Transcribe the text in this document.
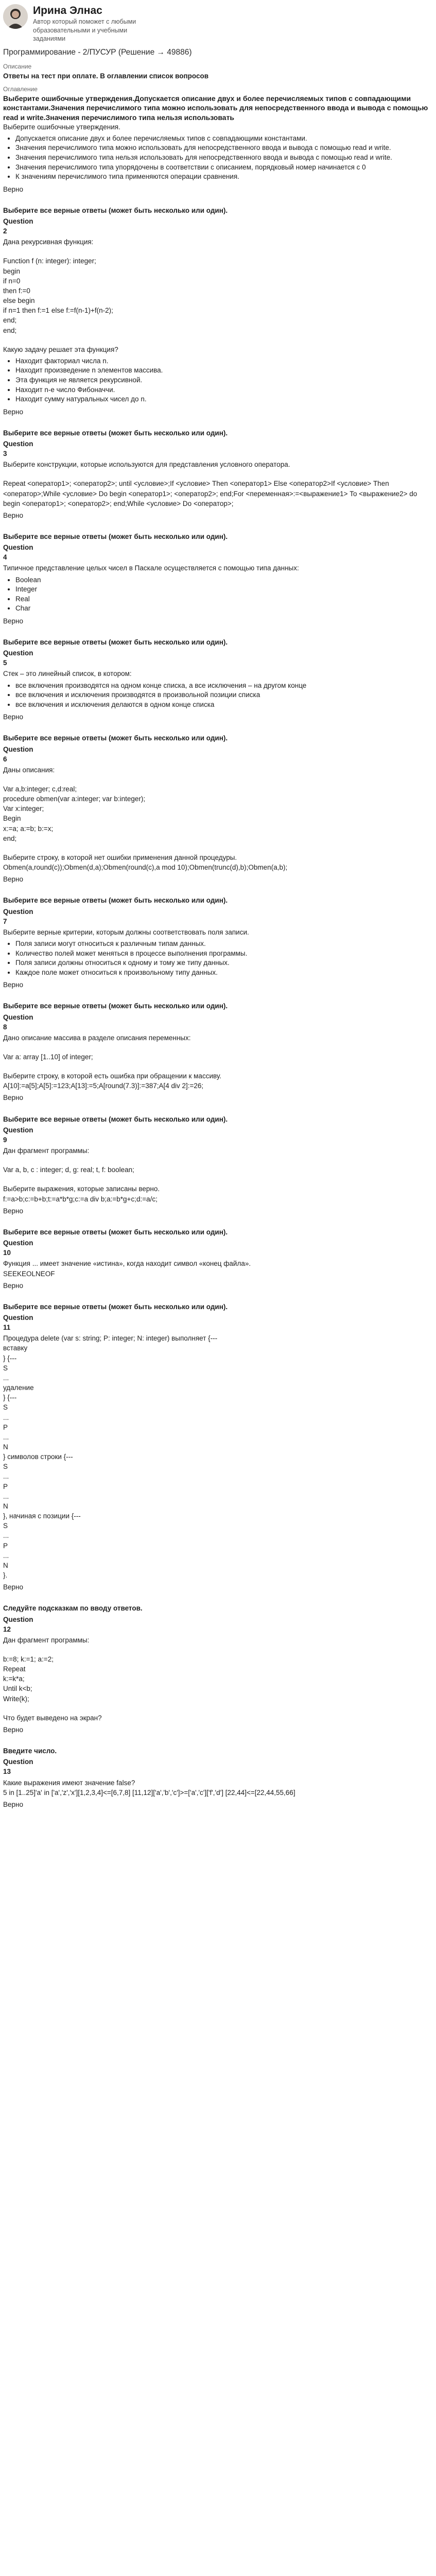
Ирина Элнас
Автор который поможет с любыми образовательными и учебными заданиями
Программирование - 2/ПУСУР (Решение → 49886)
Описание
Ответы на тест при оплате. В оглавлении список вопросов
Оглавление

Выберите ошибочные утверждения.Допускается описание двух и более перечисляемых типов с совпадающими константами.Значения перечислимого типа можно использовать для непосредственного ввода и вывода с помощью read и write.Значения перечислимого типа нельзя использовать

Выберите ошибочные утверждения.

• Допускается описание двух и более перечисляемых типов с совпадающими константами.
• Значения перечислимого типа можно использовать для непосредственного ввода и вывода с помощью read и write.
• Значения перечислимого типа нельзя использовать для непосредственного ввода и вывода с помощью read и write.
• Значения перечислимого типа упорядочены в соответствии с описанием, порядковый номер начинается с 0
• К значениям перечислимого типа применяются операции сравнения.

Верно

Выберите все верные ответы (может быть несколько или один).

Question

2

Дана рекурсивная функция:

Function f (n: integer): integer;

begin

if n=0

then f:=0

else begin

if n=1 then f:=1 else f:=f(n-1)+f(n-2);

end;

end;

Какую задачу решает эта функция?

• Находит факториал числа n.
• Находит произведение n элементов массива.
• Эта функция не является рекурсивной.
• Находит n-е число Фибоначчи.
• Находит сумму натуральных чисел до n.

Верно

Выберите все верные ответы (может быть несколько или один).

Question

3

Выберите конструкции, которые используются для представления условного оператора.

Repeat <оператор1>; <оператор2>; until <условие>;If <условие> Then <оператор1> Else <оператор2>If <условие> Then <оператор>;While <условие> Do begin <оператор1>; <оператор2>; end;For <переменная>:=<выражение1> To <выражение2> do begin <оператор1>; <оператор2>; end;While <условие> Do <оператор>;

Верно

Выберите все верные ответы (может быть несколько или один).

Question

4

Типичное представление целых чисел в Паскале осуществляется с помощью типа данных:

• Boolean
• Integer
• Real
• Char

Верно

Выберите все верные ответы (может быть несколько или один).

Question

5

Стек – это линейный список, в котором:

• все включения производятся на одном конце списка, а все исключения – на другом конце
• все включения и исключения производятся в произвольной позиции списка
• все включения и исключения делаются в одном конце списка

Верно

Выберите все верные ответы (может быть несколько или один).

Question

6

Даны описания:

Var a,b:integer; c,d:real;

procedure obmen(var a:integer; var b:integer);

Var x:integer;

Begin

x:=a; a:=b; b:=x;

end;

Выберите строку, в которой нет ошибки применения данной процедуры.

Obmen(a,round(c));Obmen(d,a);Obmen(round(c),a mod 10);Obmen(trunc(d),b);Obmen(a,b);

Верно

Выберите все верные ответы (может быть несколько или один).

Question

7

Выберите верные критерии, которым должны соответствовать поля записи.

• Поля записи могут относиться к различным типам данных.
• Количество полей может меняться в процессе выполнения программы.
• Поля записи должны относиться к одному и тому же типу данных.
• Каждое поле может относиться к произвольному типу данных.

Верно

Выберите все верные ответы (может быть несколько или один).

Question

8

Дано описание массива в разделе описания переменных:

Var a: array [1..10] of integer;

Выберите строку, в которой есть ошибка при обращении к массиву.

A[10]:=a[5];A[5]:=123;A[13]:=5;A[round(7.3)]:=387;A[4 div 2]:=26;

Верно

Выберите все верные ответы (может быть несколько или один).

Question

9

Дан фрагмент программы:

Var a, b, c : integer; d, g: real; t, f: boolean;

Выберите выражения, которые записаны верно.

f:=a>b;c:=b+b;t:=a*b*g;c:=a div b;a:=b*g+c;d:=a/c;

Верно

Выберите все верные ответы (может быть несколько или один).

Question

10

Функция ... имеет значение «истина», когда находит символ «конец файла».

SEEKEOLNEOF

Верно

Выберите все верные ответы (может быть несколько или один).

Question

11

Процедура delete (var s: string; P: integer; N: integer) выполняет {---

вставку

} {---

S

...

удаление

} {---

S

...

P

...

N

} символов строки {---

S

...

P

...

N

}, начиная с позиции {---

S

...

P

...

N

}.

Верно

Следуйте подсказкам по вводу ответов.

Question

12

Дан фрагмент программы:

b:=8; k:=1; a:=2;

Repeat

k:=k*a;

Until k<b;

Write(k);

Что будет выведено на экран?

Верно

Введите число.

Question

13

Какие выражения имеют значение false?

5 in [1..25]'a' in ['a','z','x'][1,2,3,4]<=[6,7,8] [11,12]['a','b','c']>=['a','c']['f','d'] [22,44]<=[22,44,55,66]

Верно
